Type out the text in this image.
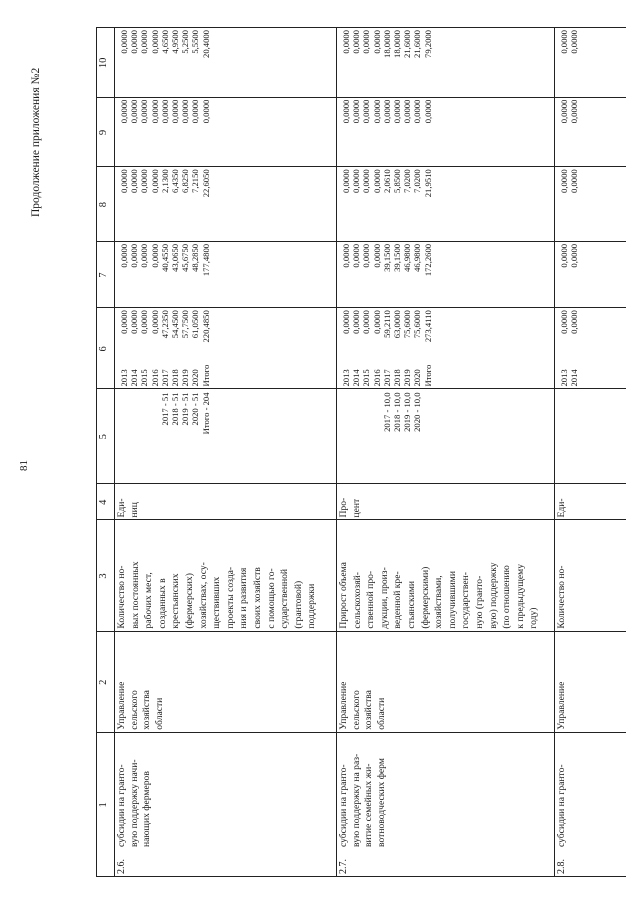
81
Продолжение приложения №2
1
2
3
4
5
6
7
8
9
10
2.6.
субсидии на гранто- вую поддержку начи- нающих фермеров
Управление сельского хозяйства области
Количество но- вых постоянных рабочих мест, созданных в крестьянских (фермерских) хозяйствах, осу- ществивших проекты созда- ния и развития своих хозяйств с помощью го- сударственной (грантовой) поддержки
Еди- ниц
2017 - 51 2018 - 51 2019 - 51 2020 - 51 Итого - 204
2013
0,0000
0,0000
0,0000
0,0000
0,0000
2014
0,0000
0,0000
0,0000
0,0000
0,0000
2015
0,0000
0,0000
0,0000
0,0000
0,0000
2016
0,0000
0,0000
0,0000
0,0000
0,0000
2017
47,2350
40,4550
2,1300
0,0000
4,6500
2018
54,4500
43,0650
6,4350
0,0000
4,9500
2019
57,7500
45,6750
6,8250
0,0000
5,2500
2020
61,0500
48,2850
7,2150
0,0000
5,5500
Итого
220,4850
177,4800
22,6050
0,0000
20,4000
2.7.
субсидии на гранто- вую поддержку на раз- витие семейных жи- вотноводческих ферм
Управление сельского хозяйства области
Прирост объема сельскохозяй- ственной про- дукции, произ- веденной кре- стьянскими (фермерскими) хозяйствами, получившими государствен- ную (гранто- вую) поддержку (по отношению к предыдущему году)
Про- цент
2017 - 10,0 2018 - 10,0 2019 - 10,0 2020 - 10,0
2013
0,0000
0,0000
0,0000
0,0000
0,0000
2014
0,0000
0,0000
0,0000
0,0000
0,0000
2015
0,0000
0,0000
0,0000
0,0000
0,0000
2016
0,0000
0,0000
0,0000
0,0000
0,0000
2017
59,2110
39,1500
2,0610
0,0000
18,0000
2018
63,0000
39,1500
5,8500
0,0000
18,0000
2019
75,6000
46,9800
7,0200
0,0000
21,6000
2020
75,6000
46,9800
7,0200
0,0000
21,6000
Итого
273,4110
172,2600
21,9510
0,0000
79,2000
2.8.
субсидии на гранто-
Управление
Количество но-
Еди-
2013
0,0000
0,0000
0,0000
0,0000
0,0000
2014
0,0000
0,0000
0,0000
0,0000
0,0000
